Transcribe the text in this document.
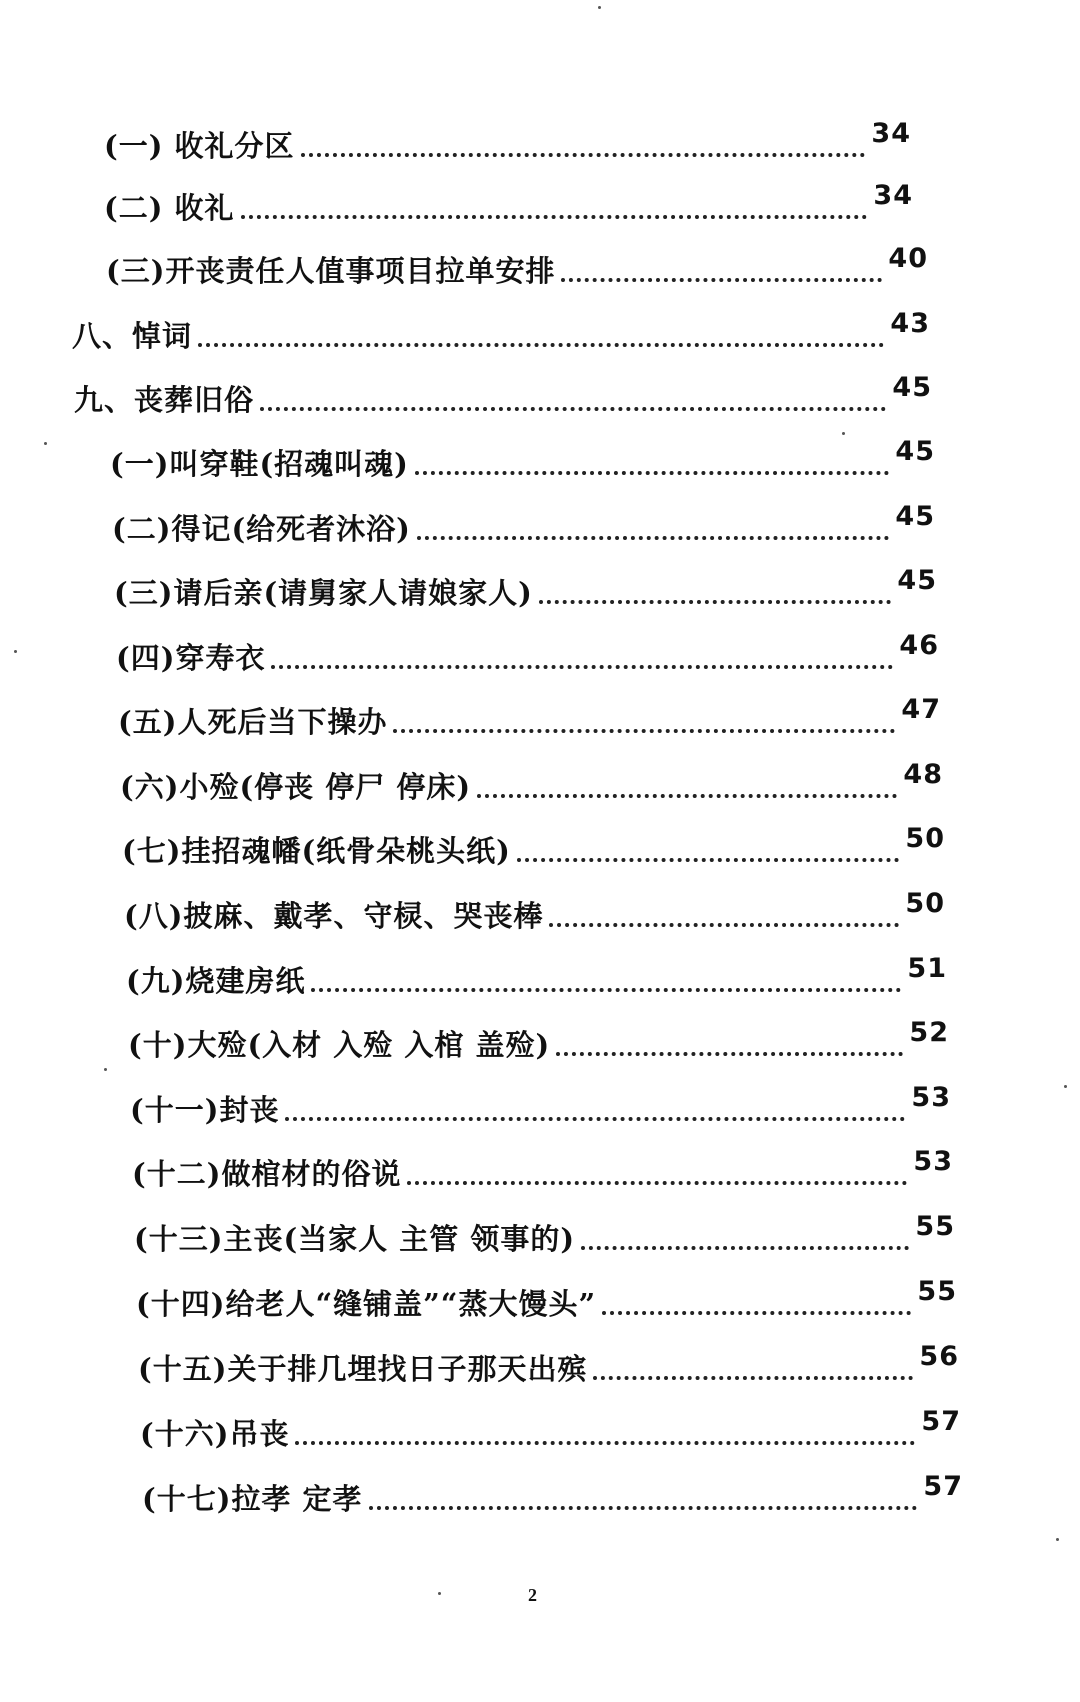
(一) 收礼分区	34
(二) 收礼	34
(三)开丧责任人值事项目拉单安排	40
八、悼词	43
九、丧葬旧俗	45
(一)叫穿鞋(招魂叫魂)	45
(二)得记(给死者沐浴)	45
(三)请后亲(请舅家人请娘家人)	45
(四)穿寿衣	46
(五)人死后当下操办	47
(六)小殓(停丧 停尸 停床)	48
(七)挂招魂幡(纸骨朵桃头纸)	50
(八)披麻、戴孝、守棂、哭丧棒	50
(九)烧建房纸	51
(十)大殓(入材 入殓 入棺 盖殓)	52
(十一)封丧	53
(十二)做棺材的俗说	53
(十三)主丧(当家人 主管 领事的)	55
(十四)给老人“缝铺盖”“蒸大馒头”	55
(十五)关于排几埋找日子那天出殡	56
(十六)吊丧	57
(十七)拉孝 定孝	57
2
